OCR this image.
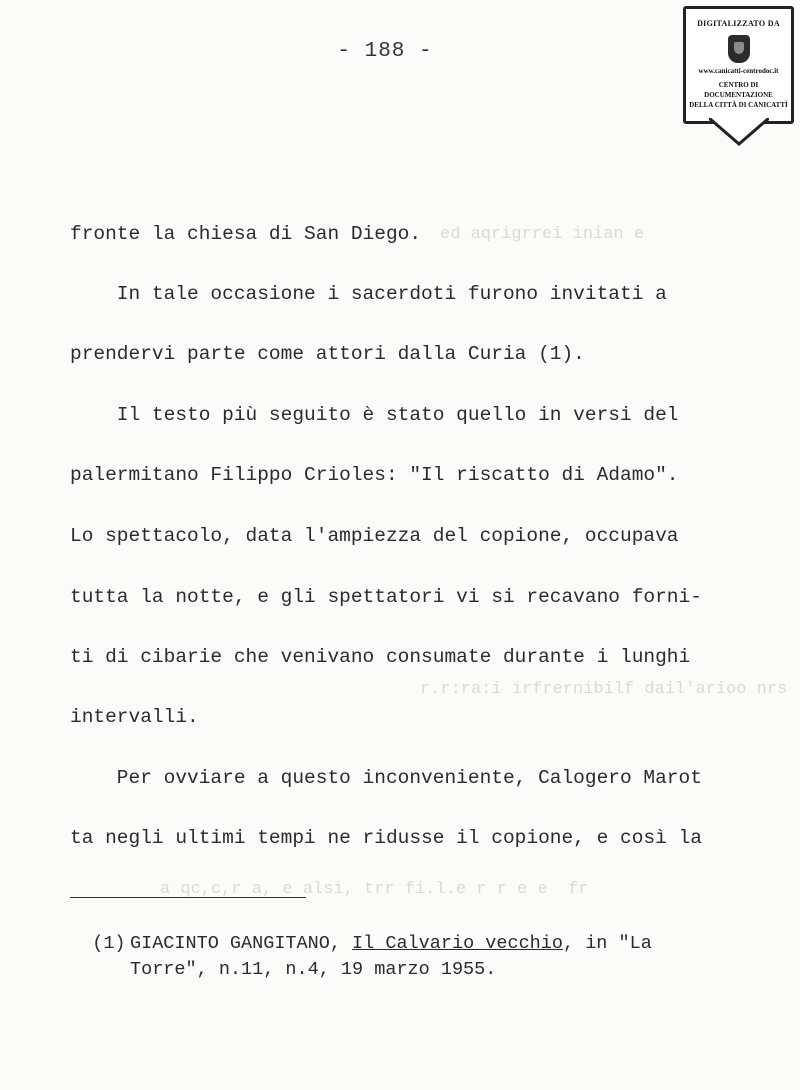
- 188 -
DIGITALIZZATO DA
www.canicatti-centrodoc.it
CENTRO DI DOCUMENTAZIONE
DELLA CITTÀ DI CANICATTÌ
ed aqrigrrei inian e
r.r:ra:i irfrernibilf dail'arioo nrs
a qc,c,r a, e alsi, trr fi.l.e r r e e  fr
fronte la chiesa di San Diego.
In tale occasione i sacerdoti furono invitati a
prendervi parte come attori dalla Curia (1).
Il testo più seguito è stato quello in versi del
palermitano Filippo Crioles: "Il riscatto di Adamo".
Lo spettacolo, data l'ampiezza del copione, occupava
tutta la notte, e gli spettatori vi si recavano forni-
ti di cibarie che venivano consumate durante i lunghi
intervalli.
Per ovviare a questo inconveniente, Calogero Marot
ta negli ultimi tempi ne ridusse il copione, e così la

(1) GIACINTO GANGITANO, Il Calvario vecchio, in "La

Torre", n.11, n.4, 19 marzo 1955.
